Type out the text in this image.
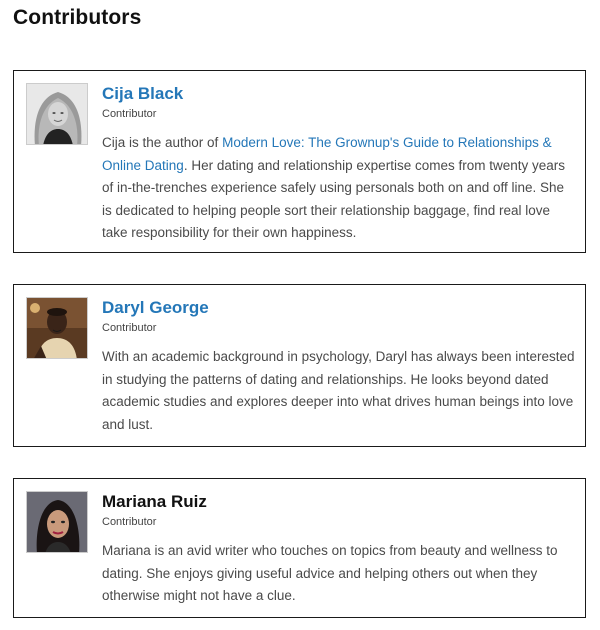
Contributors
Cija Black
Contributor
Cija is the author of Modern Love: The Grownup's Guide to Relationships & Online Dating. Her dating and relationship expertise comes from twenty years of in-the-trenches experience safely using personals both on and off line. She is dedicated to helping people sort their relationship baggage, find real love take responsibility for their own happiness.
Daryl George
Contributor
With an academic background in psychology, Daryl has always been interested in studying the patterns of dating and relationships. He looks beyond dated academic studies and explores deeper into what drives human beings into love and lust.
Mariana Ruiz
Contributor
Mariana is an avid writer who touches on topics from beauty and wellness to dating. She enjoys giving useful advice and helping others out when they otherwise might not have a clue.
